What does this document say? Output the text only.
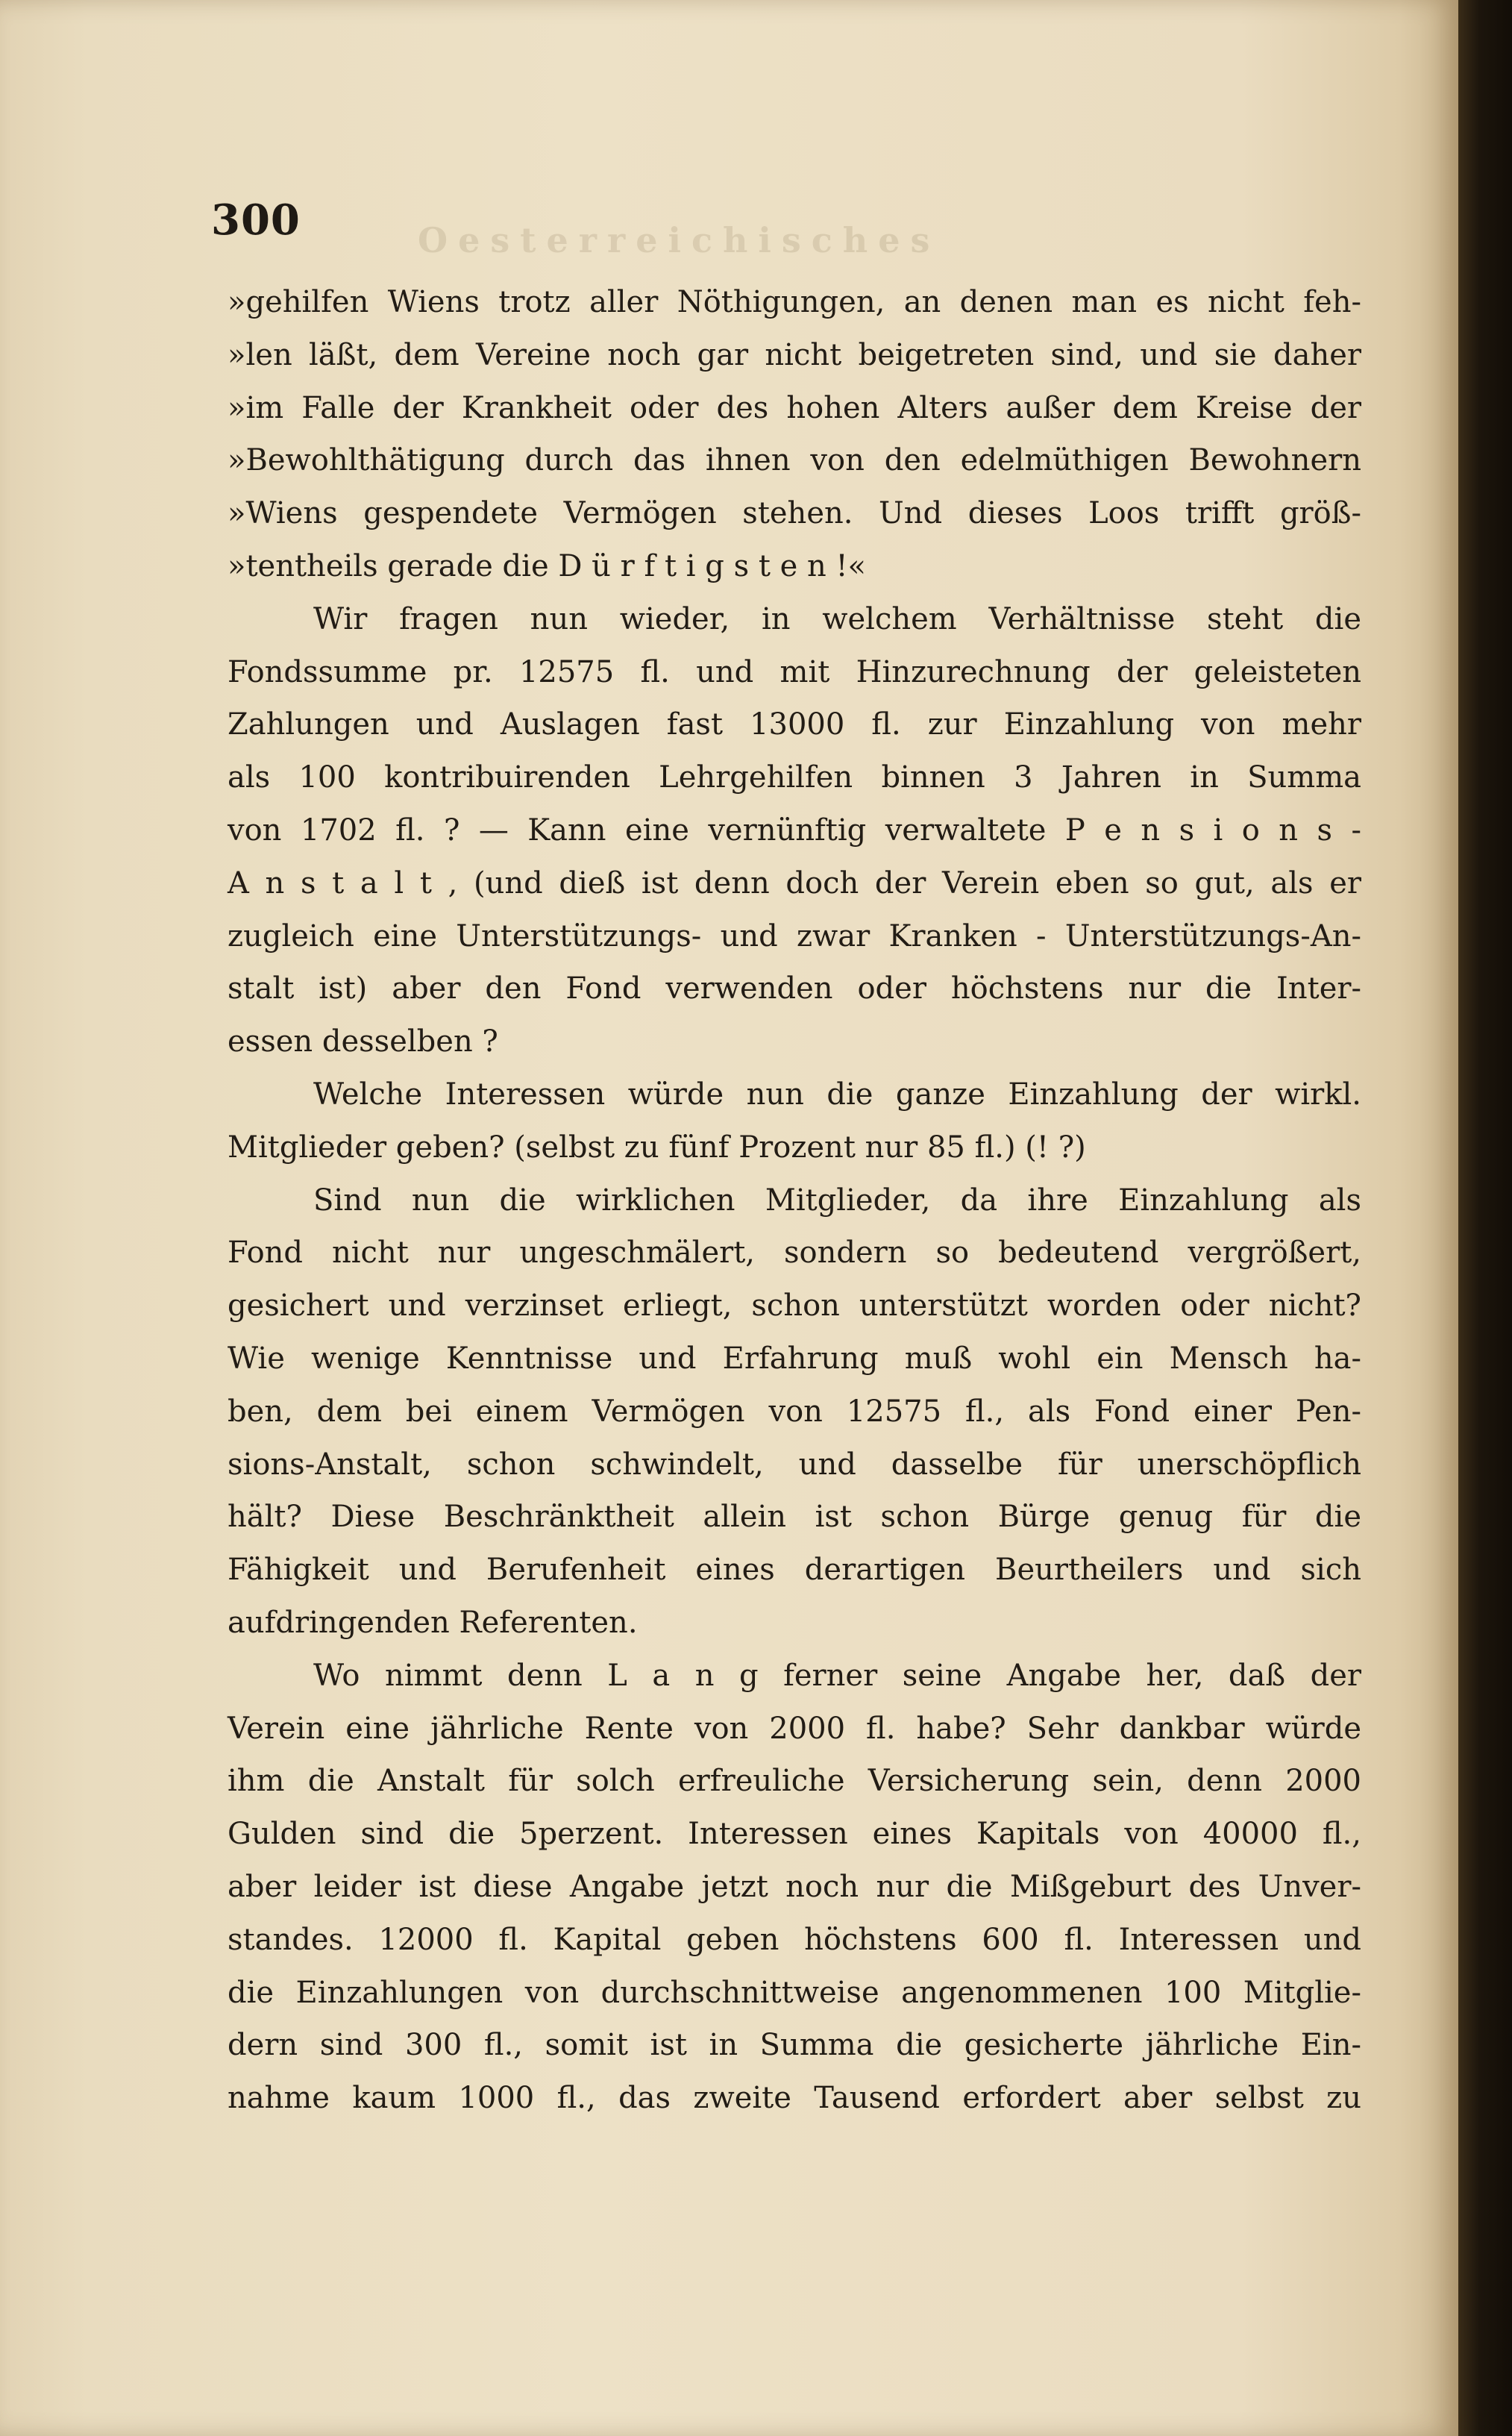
Oesterreichisches
300
»gehilfen Wiens trotz aller Nöthigungen, an denen man es nicht feh-
»len läßt, dem Vereine noch gar nicht beigetreten sind, und sie daher
»im Falle der Krankheit oder des hohen Alters außer dem Kreise der
»Bewohlthätigung durch das ihnen von den edelmüthigen Bewohnern
»Wiens gespendete Vermögen stehen. Und dieses Loos trifft größ-
»tentheils gerade die D ü r f t i g s t e n !«
Wir fragen nun wieder, in welchem Verhältnisse steht die
Fondssumme pr. 12575 fl. und mit Hinzurechnung der geleisteten
Zahlungen und Auslagen fast 13000 fl. zur Einzahlung von mehr
als 100 kontribuirenden Lehrgehilfen binnen 3 Jahren in Summa
von 1702 fl. ? — Kann eine vernünftig verwaltete P e n s i o n s -
A n s t a l t , (und dieß ist denn doch der Verein eben so gut, als er
zugleich eine Unterstützungs- und zwar Kranken - Unterstützungs-An-
stalt ist) aber den Fond verwenden oder höchstens nur die Inter-
essen desselben ?
Welche Interessen würde nun die ganze Einzahlung der wirkl.
Mitglieder geben? (selbst zu fünf Prozent nur 85 fl.) (! ?)
Sind nun die wirklichen Mitglieder, da ihre Einzahlung als
Fond nicht nur ungeschmälert, sondern so bedeutend vergrößert,
gesichert und verzinset erliegt, schon unterstützt worden oder nicht?
Wie wenige Kenntnisse und Erfahrung muß wohl ein Mensch ha-
ben, dem bei einem Vermögen von 12575 fl., als Fond einer Pen-
sions-Anstalt, schon schwindelt, und dasselbe für unerschöpflich
hält? Diese Beschränktheit allein ist schon Bürge genug für die
Fähigkeit und Berufenheit eines derartigen Beurtheilers und sich
aufdringenden Referenten.
Wo nimmt denn L a n g ferner seine Angabe her, daß der
Verein eine jährliche Rente von 2000 fl. habe? Sehr dankbar würde
ihm die Anstalt für solch erfreuliche Versicherung sein, denn 2000
Gulden sind die 5perzent. Interessen eines Kapitals von 40000 fl.,
aber leider ist diese Angabe jetzt noch nur die Mißgeburt des Unver-
standes. 12000 fl. Kapital geben höchstens 600 fl. Interessen und
die Einzahlungen von durchschnittweise angenommenen 100 Mitglie-
dern sind 300 fl., somit ist in Summa die gesicherte jährliche Ein-
nahme kaum 1000 fl., das zweite Tausend erfordert aber selbst zu
